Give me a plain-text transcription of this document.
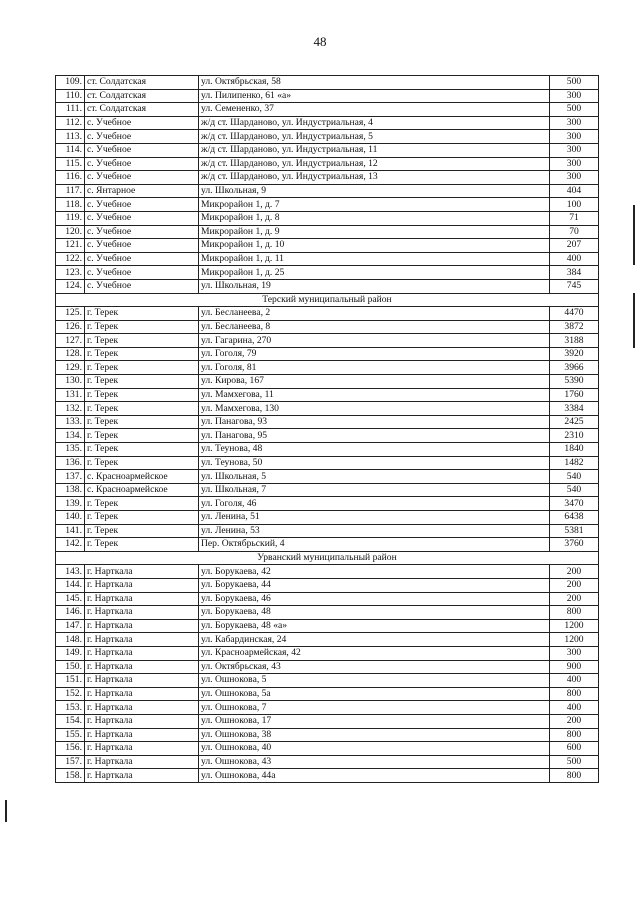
48
109.	ст. Солдатская	ул. Октябрьская, 58	500
110.	ст. Солдатская	ул. Пилипенко, 61 «а»	300
111.	ст. Солдатская	ул. Семененко, 37	500
112.	с. Учебное	ж/д ст. Шарданово, ул. Индустриальная, 4	300
113.	с. Учебное	ж/д ст. Шарданово, ул. Индустриальная, 5	300
114.	с. Учебное	ж/д ст. Шарданово, ул. Индустриальная, 11	300
115.	с. Учебное	ж/д ст. Шарданово, ул. Индустриальная, 12	300
116.	с. Учебное	ж/д ст. Шарданово, ул. Индустриальная, 13	300
117.	с. Янтарное	ул. Школьная, 9	404
118.	с. Учебное	Микрорайон 1, д. 7	100
119.	с. Учебное	Микрорайон 1, д. 8	71
120.	с. Учебное	Микрорайон 1, д. 9	70
121.	с. Учебное	Микрорайон 1, д. 10	207
122.	с. Учебное	Микрорайон 1, д. 11	400
123.	с. Учебное	Микрорайон 1, д. 25	384
124.	с. Учебное	ул. Школьная, 19	745
Терский муниципальный район			
125.	г. Терек	ул. Бесланеева, 2	4470
126.	г. Терек	ул. Бесланеева, 8	3872
127.	г. Терек	ул. Гагарина, 270	3188
128.	г. Терек	ул. Гоголя, 79	3920
129.	г. Терек	ул. Гоголя, 81	3966
130.	г. Терек	ул. Кирова, 167	5390
131.	г. Терек	ул. Мамхегова, 11	1760
132.	г. Терек	ул. Мамхегова, 130	3384
133.	г. Терек	ул. Панагова, 93	2425
134.	г. Терек	ул. Панагова, 95	2310
135.	г. Терек	ул. Теунова, 48	1840
136.	г. Терек	ул. Теунова, 50	1482
137.	с. Красноармейское	ул. Школьная, 5	540
138.	с. Красноармейское	ул. Школьная, 7	540
139.	г. Терек	ул. Гоголя, 46	3470
140.	г. Терек	ул. Ленина, 51	6438
141.	г. Терек	ул. Ленина, 53	5381
142.	г. Терек	Пер. Октябрьский, 4	3760
Урванский муниципальный район			
143.	г. Нарткала	ул. Борукаева, 42	200
144.	г. Нарткала	ул. Борукаева, 44	200
145.	г. Нарткала	ул. Борукаева, 46	200
146.	г. Нарткала	ул. Борукаева, 48	800
147.	г. Нарткала	ул. Борукаева, 48 «а»	1200
148.	г. Нарткала	ул. Кабардинская, 24	1200
149.	г. Нарткала	ул. Красноармейская, 42	300
150.	г. Нарткала	ул. Октябрьская, 43	900
151.	г. Нарткала	ул. Ошнокова, 5	400
152.	г. Нарткала	ул. Ошнокова, 5а	800
153.	г. Нарткала	ул. Ошнокова, 7	400
154.	г. Нарткала	ул. Ошнокова, 17	200
155.	г. Нарткала	ул. Ошнокова, 38	800
156.	г. Нарткала	ул. Ошнокова, 40	600
157.	г. Нарткала	ул. Ошнокова, 43	500
158.	г. Нарткала	ул. Ошнокова, 44а	800
